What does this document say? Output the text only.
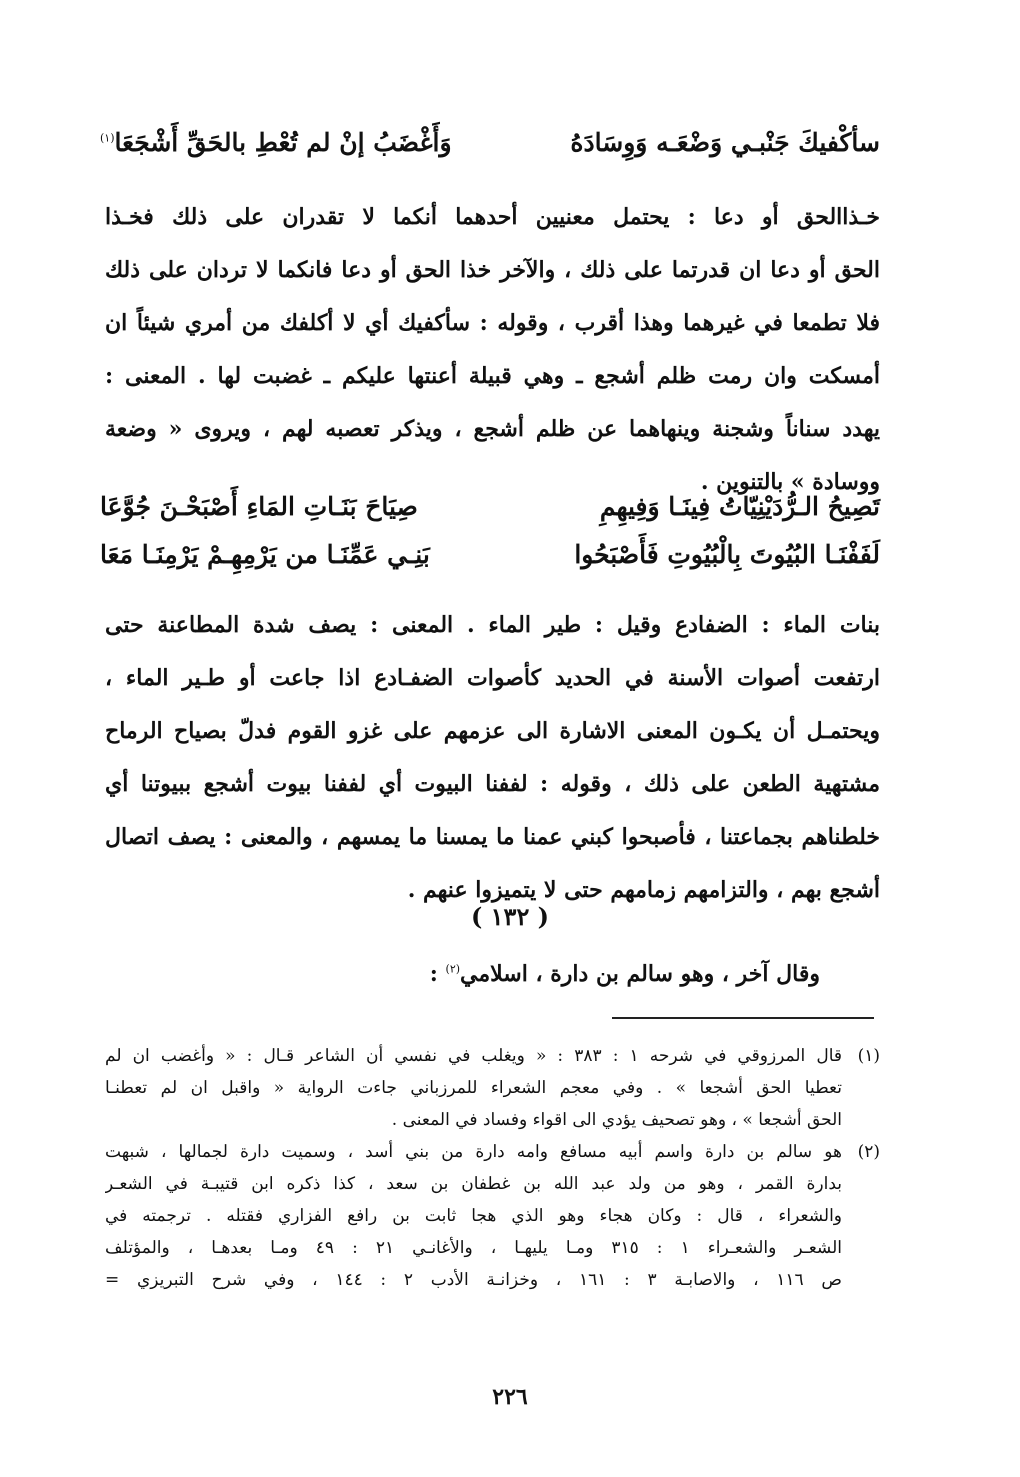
سأكْفيكَ جَنْبـي وَضْعَـه وَوِسَادَهُ
وَأَغْضَبُ إنْ لم تُعْطِ بالحَقِّ أَشْجَعَا$^{(١)}$
خـذاالحق أو دعا : يحتمل معنيين أحدهما أنكما لا تقدران على ذلك فخـذا
الحق أو دعا ان قدرتما على ذلك ، والآخر خذا الحق أو دعا فانكما لا تردان على ذلك
فلا تطمعا في غيرهما وهذا أقرب ، وقوله : سأكفيك أي لا أكلفك من أمري شيئاً ان
أمسكت وان رمت ظلم أشجع ـ وهي قبيلة أعنتها عليكم ـ غضبت لها . المعنى :
يهدد سناناً وشجنة وينهاهما عن ظلم أشجع ، ويذكر تعصبه لهم ، ويروى « وضعة
ووسادة » بالتنوين .
تَصِيحُ الـرُّدَيْنِيّاتُ فِينَـا وَفِيهِمِ
صِيَاحَ بَنَـاتِ المَاءِ أَصْبَحْـنَ جُوَّعَا
لَفَفْنَـا البُيُوتَ بِالْبُيُوتِ فَأَصْبَحُوا
بَنِـي عَمِّنَـا من يَرْمِهِـمْ يَرْمِنَـا مَعَا
بنات الماء : الضفادع وقيل : طير الماء . المعنى : يصف شدة المطاعنة حتى
ارتفعت أصوات الأسنة في الحديد كأصوات الضفـادع اذا جاعت أو طـير الماء ،
ويحتمـل أن يكـون المعنى الاشارة الى عزمهم على غزو القوم فدلّ بصياح الرماح
مشتهية الطعن على ذلك ، وقوله : لففنا البيوت أي لففنا بيوت أشجع ببيوتنا أي
خلطناهم بجماعتنا ، فأصبحوا كبني عمنا ما يمسنا ما يمسهم ، والمعنى : يصف اتصال
أشجع بهم ، والتزامهم زمامهم حتى لا يتميزوا عنهم .
( ١٣٢ )
وقال آخر ، وهو سالم بن دارة ، اسلامي$^{(٢)}$ :
(١)
قال المرزوقي في شرحه ١ : ٣٨٣ : « ويغلب في نفسي أن الشاعر قـال : « وأغضب ان لم
تعطيا الحق أشجعا » . وفي معجم الشعراء للمرزباني جاءت الرواية « واقبل ان لم تعطنـا
الحق أشجعا » ، وهو تصحيف يؤدي الى اقواء وفساد في المعنى .
(٢)
هو سالم بن دارة واسم أبيه مسافع وامه دارة من بني أسد ، وسميت دارة لجمالها ، شبهت
بدارة القمر ، وهو من ولد عبد الله بن غطفان بن سعد ، كذا ذكره ابن قتيبـة في الشعـر
والشعراء ، قال : وكان هجاء وهو الذي هجا ثابت بن رافع الفزاري فقتله . ترجمته في
الشعـر والشعـراء ١ : ٣١٥ ومـا يليهـا ، والأغانـي ٢١ : ٤٩ ومـا بعدهـا ، والمؤتلف
ص ١١٦ ، والاصابـة ٣ : ١٦١ ، وخزانـة الأدب ٢ : ١٤٤ ، وفي شرح التبريزي =
٢٢٦
